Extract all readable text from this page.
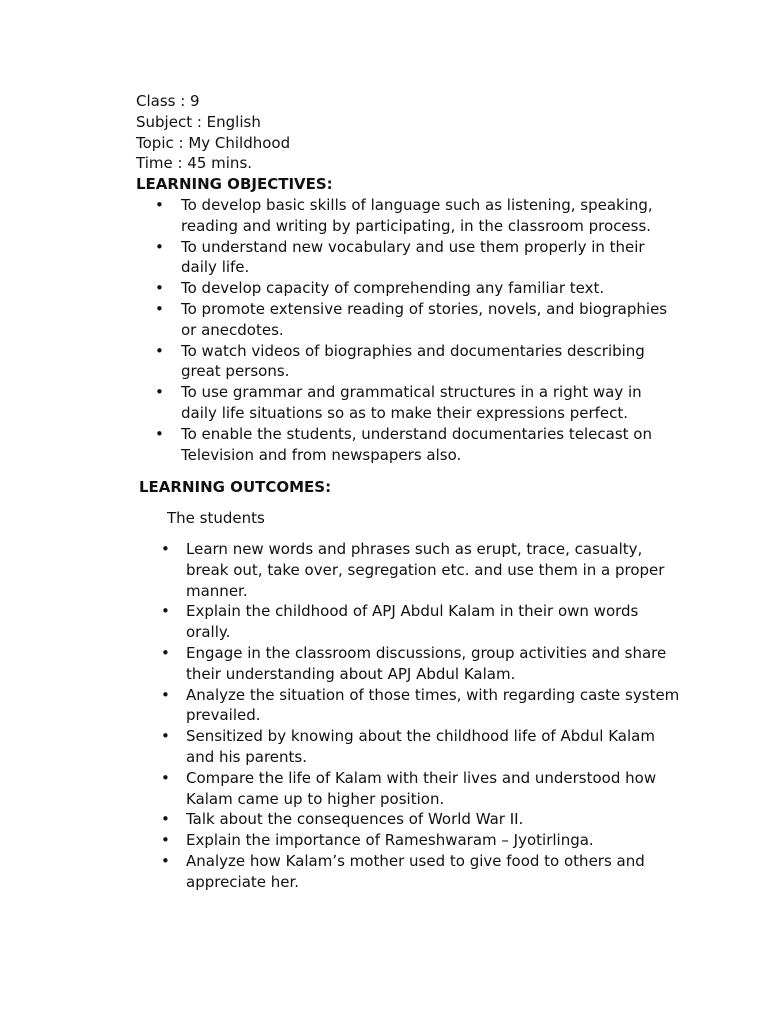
Class : 9
Subject : English
Topic : My Childhood
Time : 45 mins.
LEARNING OBJECTIVES:
• To develop basic skills of language such as listening, speaking, reading and writing by participating, in the classroom process.
• To understand new vocabulary and use them properly in their daily life.
• To develop capacity of comprehending any familiar text.
• To promote extensive reading of stories, novels, and biographies or anecdotes.
• To watch videos of biographies and documentaries describing great persons.
• To use grammar and grammatical structures in a right way in daily life situations so as to make their expressions perfect.
• To enable the students, understand documentaries telecast on Television and from newspapers also.
LEARNING OUTCOMES:
The students
• Learn new words and phrases such as erupt, trace, casualty, break out, take over, segregation etc. and use them in a proper manner.
• Explain the childhood of APJ Abdul Kalam in their own words orally.
• Engage in the classroom discussions, group activities and share their understanding about APJ Abdul Kalam.
• Analyze the situation of those times, with regarding caste system prevailed.
• Sensitized by knowing about the childhood life of Abdul Kalam and his parents.
• Compare the life of Kalam with their lives and understood how Kalam came up to higher position.
• Talk about the consequences of World War II.
• Explain the importance of Rameshwaram – Jyotirlinga.
• Analyze how Kalam’s mother used to give food to others and appreciate her.
